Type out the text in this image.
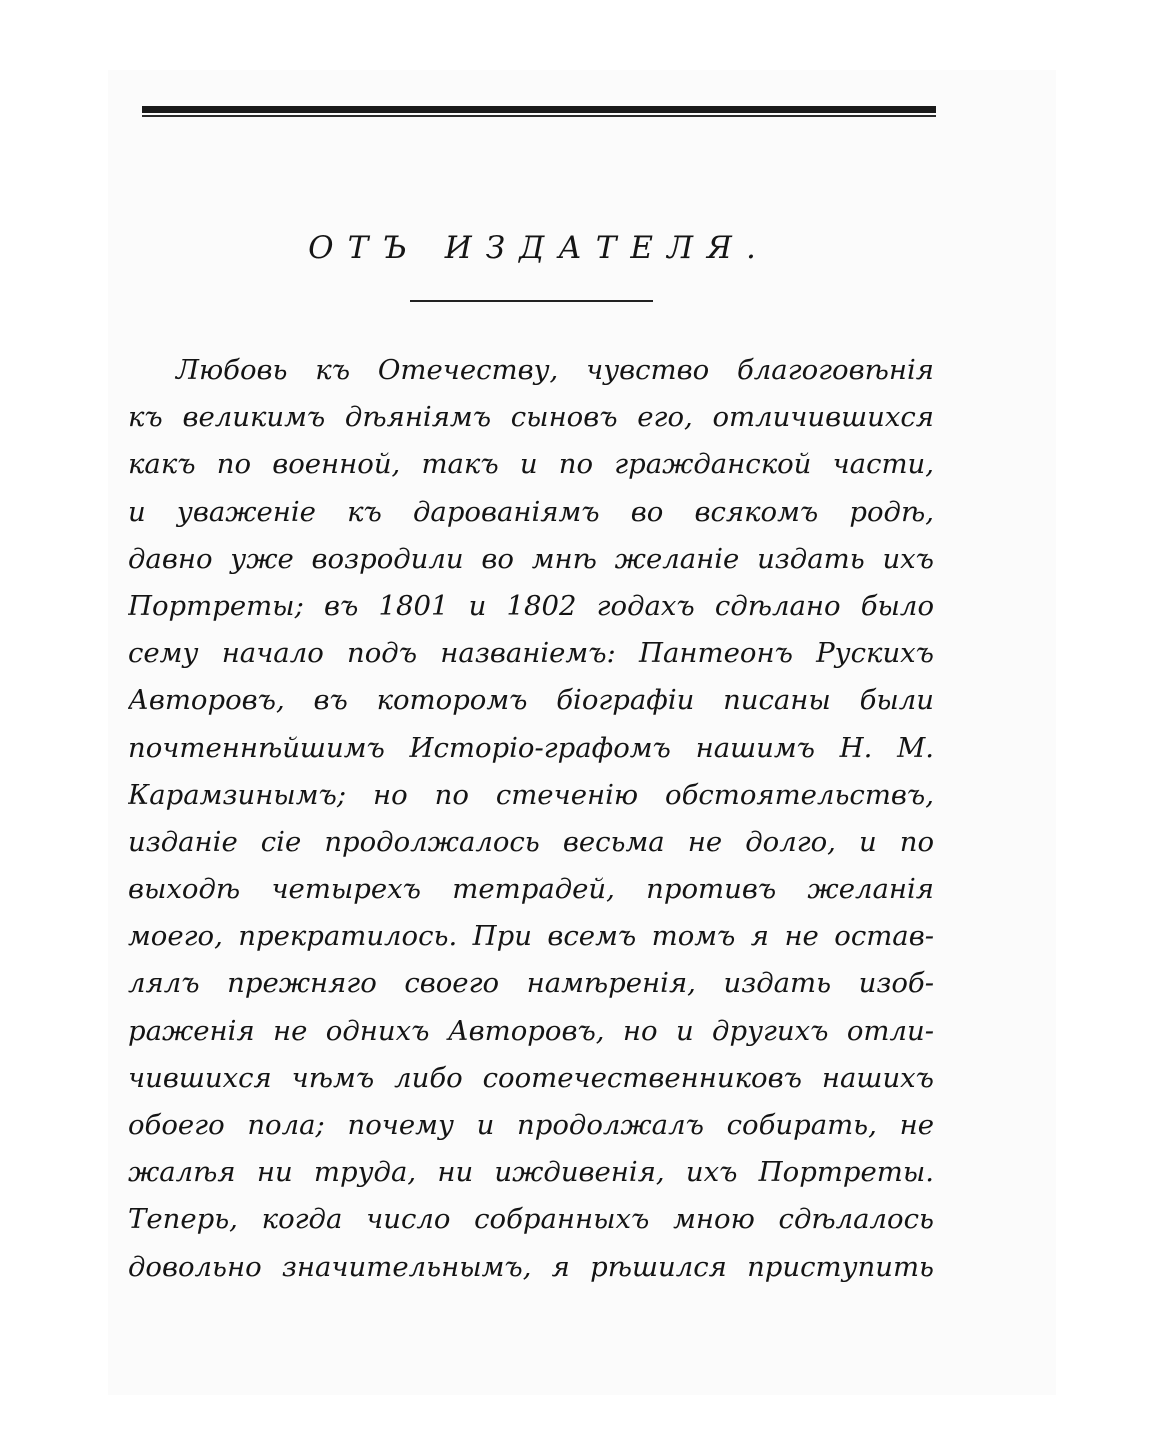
ОТЪ ИЗДАТЕЛЯ.
Любовь къ Отечеству, чувство благоговѣнія
къ великимъ дѣяніямъ сыновъ его, отличившихся
какъ по военной, такъ и по гражданской части,
и уваженіе къ дарованіямъ во всякомъ родѣ,
давно уже возродили во мнѣ желаніе издать ихъ
Портреты; въ 1801 и 1802 годахъ сдѣлано было
сему начало подъ названіемъ: Пантеонъ Рускихъ
Авторовъ, въ которомъ біографіи писаны были
почтеннѣйшимъ Исторіо-графомъ нашимъ Н. М.
Карамзинымъ; но по стеченію обстоятельствъ,
изданіе сіе продолжалось весьма не долго, и по
выходѣ четырехъ тетрадей, противъ желанія
моего, прекратилось. При всемъ томъ я не остав-
лялъ прежняго своего намѣренія, издать изоб-
раженія не однихъ Авторовъ, но и другихъ отли-
чившихся чѣмъ либо соотечественниковъ нашихъ
обоего пола; почему и продолжалъ собирать, не
жалѣя ни труда, ни иждивенія, ихъ Портреты.
Теперь, когда число собранныхъ мною сдѣлалось
довольно значительнымъ, я рѣшился приступить
